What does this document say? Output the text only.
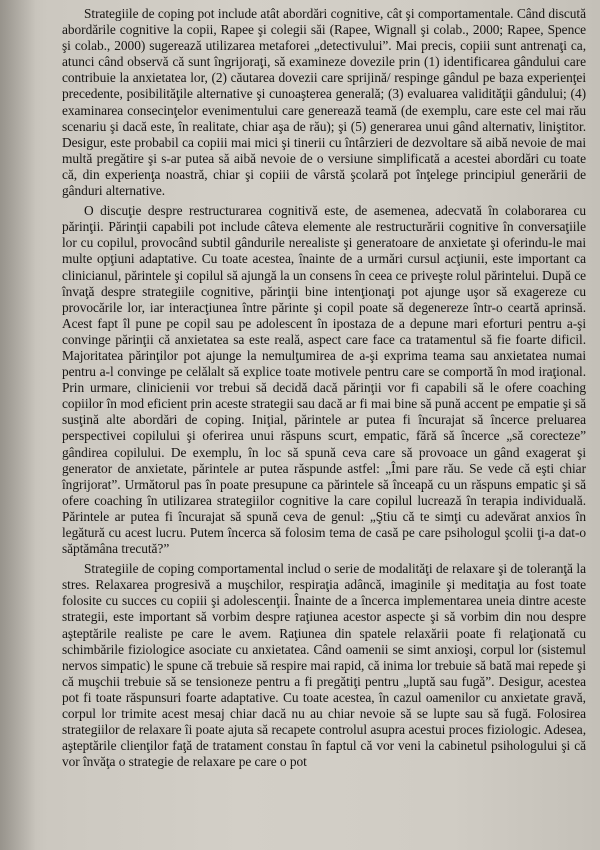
Strategiile de coping pot include atât abordări cognitive, cât şi comportamentale. Când discută abordările cognitive la copii, Rapee şi colegii săi (Rapee, Wignall şi colab., 2000; Rapee, Spence şi colab., 2000) sugerează utilizarea metaforei „detectivului”. Mai precis, copiii sunt antrenaţi ca, atunci când observă că sunt îngrijoraţi, să examineze dovezile prin (1) identificarea gândului care contribuie la anxietatea lor, (2) căutarea dovezii care sprijină/ respinge gândul pe baza experienţei precedente, posibilităţile alternative şi cunoaşterea generală; (3) evaluarea validităţii gândului; (4) examinarea consecinţelor evenimentului care generează teamă (de exemplu, care este cel mai rău scenariu şi dacă este, în realitate, chiar aşa de rău); şi (5) generarea unui gând alternativ, liniştitor. Desigur, este probabil ca copiii mai mici şi tinerii cu întârzieri de dezvoltare să aibă nevoie de mai multă pregătire şi s-ar putea să aibă nevoie de o versiune simplificată a acestei abordări cu toate că, din experienţa noastră, chiar şi copiii de vârstă şcolară pot înţelege principiul generării de gânduri alternative.

O discuţie despre restructurarea cognitivă este, de asemenea, adecvată în colaborarea cu părinţii. Părinţii capabili pot include câteva elemente ale restructurării cognitive în conversaţiile lor cu copilul, provocând subtil gândurile nerealiste şi generatoare de anxietate şi oferindu-le mai multe opţiuni adaptative. Cu toate acestea, înainte de a urmări cursul acţiunii, este important ca clinicianul, părintele şi copilul să ajungă la un consens în ceea ce priveşte rolul părintelui. După ce învaţă despre strategiile cognitive, părinţii bine intenţionaţi pot ajunge uşor să exagereze cu provocările lor, iar interacţiunea între părinte şi copil poate să degenereze într-o ceartă aprinsă. Acest fapt îl pune pe copil sau pe adolescent în ipostaza de a depune mari eforturi pentru a-şi convinge părinţii că anxietatea sa este reală, aspect care face ca tratamentul să fie foarte dificil. Majoritatea părinţilor pot ajunge la nemulţumirea de a-şi exprima teama sau anxietatea numai pentru a-l convinge pe celălalt să explice toate motivele pentru care se comportă în mod iraţional. Prin urmare, clinicienii vor trebui să decidă dacă părinţii vor fi capabili să le ofere coaching copiilor în mod eficient prin aceste strategii sau dacă ar fi mai bine să pună accent pe empatie şi să susţină alte abordări de coping. Iniţial, părintele ar putea fi încurajat să încerce preluarea perspectivei copilului şi oferirea unui răspuns scurt, empatic, fără să încerce „să corecteze” gândirea copilului. De exemplu, în loc să spună ceva care să provoace un gând exagerat şi generator de anxietate, părintele ar putea răspunde astfel: „Îmi pare rău. Se vede că eşti chiar îngrijorat”. Următorul pas în poate presupune ca părintele să înceapă cu un răspuns empatic şi să ofere coaching în utilizarea strategiilor cognitive la care copilul lucrează în terapia individuală. Părintele ar putea fi încurajat să spună ceva de genul: „Ştiu că te simţi cu adevărat anxios în legătură cu acest lucru. Putem încerca să folosim tema de casă pe care psihologul şcolii ţi-a dat-o săptămâna trecută?”

Strategiile de coping comportamental includ o serie de modalităţi de relaxare şi de toleranţă la stres. Relaxarea progresivă a muşchilor, respiraţia adâncă, imaginile şi meditaţia au fost toate folosite cu succes cu copiii şi adolescenţii. Înainte de a încerca implementarea uneia dintre aceste strategii, este important să vorbim despre raţiunea acestor aspecte şi să vorbim din nou despre aşteptările realiste pe care le avem. Raţiunea din spatele relaxării poate fi relaţionată cu schimbările fiziologice asociate cu anxietatea. Când oamenii se simt anxioşi, corpul lor (sistemul nervos simpatic) le spune că trebuie să respire mai rapid, că inima lor trebuie să bată mai repede şi că muşchii trebuie să se tensioneze pentru a fi pregătiţi pentru „luptă sau fugă”. Desigur, acestea pot fi toate răspunsuri foarte adaptative. Cu toate acestea, în cazul oamenilor cu anxietate gravă, corpul lor trimite acest mesaj chiar dacă nu au chiar nevoie să se lupte sau să fugă. Folosirea strategiilor de relaxare îi poate ajuta să recapete controlul asupra acestui proces fiziologic. Adesea, aşteptările clienţilor faţă de tratament constau în faptul că vor veni la cabinetul psihologului şi că vor învăţa o strategie de relaxare pe care o pot
